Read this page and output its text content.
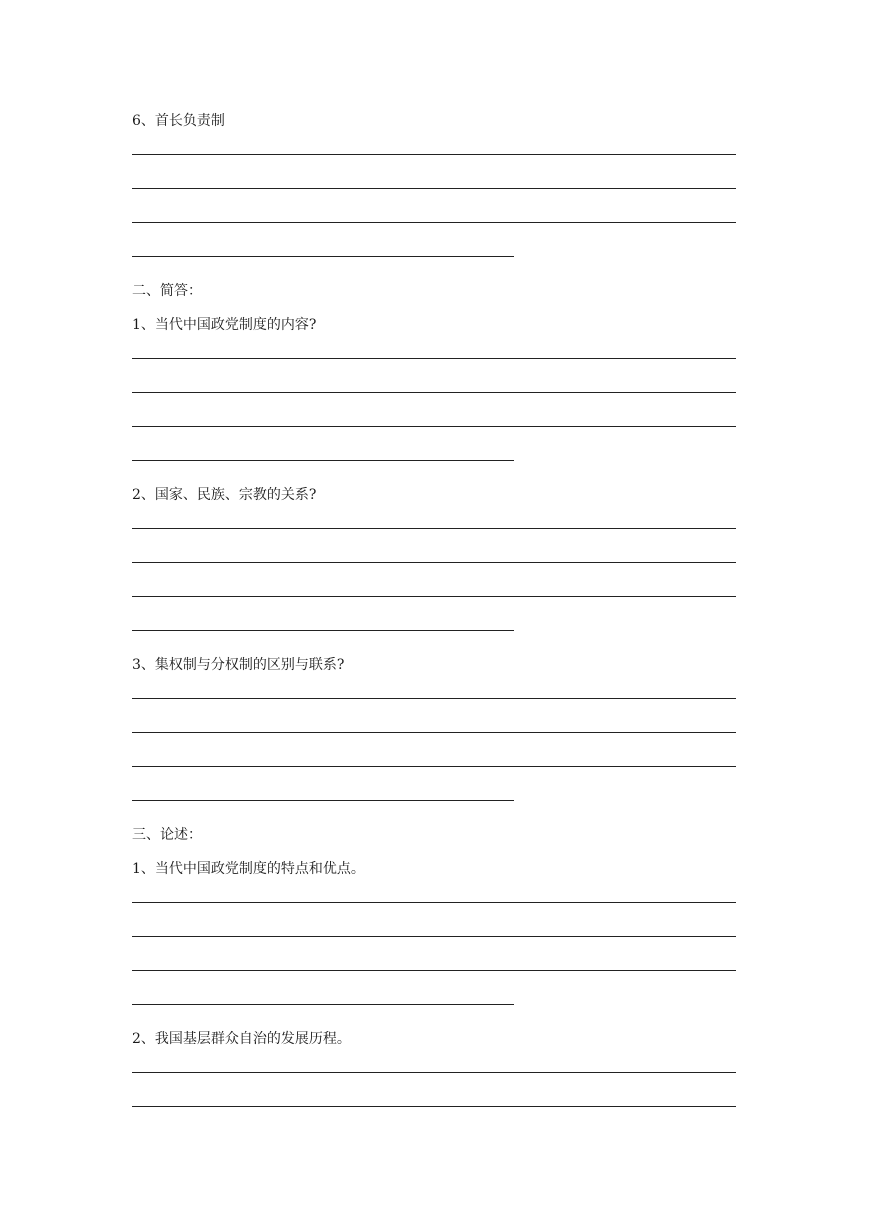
6、首长负责制
二、简答：
1、当代中国政党制度的内容?
2、国家、民族、宗教的关系?
3、集权制与分权制的区别与联系?
三、论述：
1、当代中国政党制度的特点和优点。
2、我国基层群众自治的发展历程。
